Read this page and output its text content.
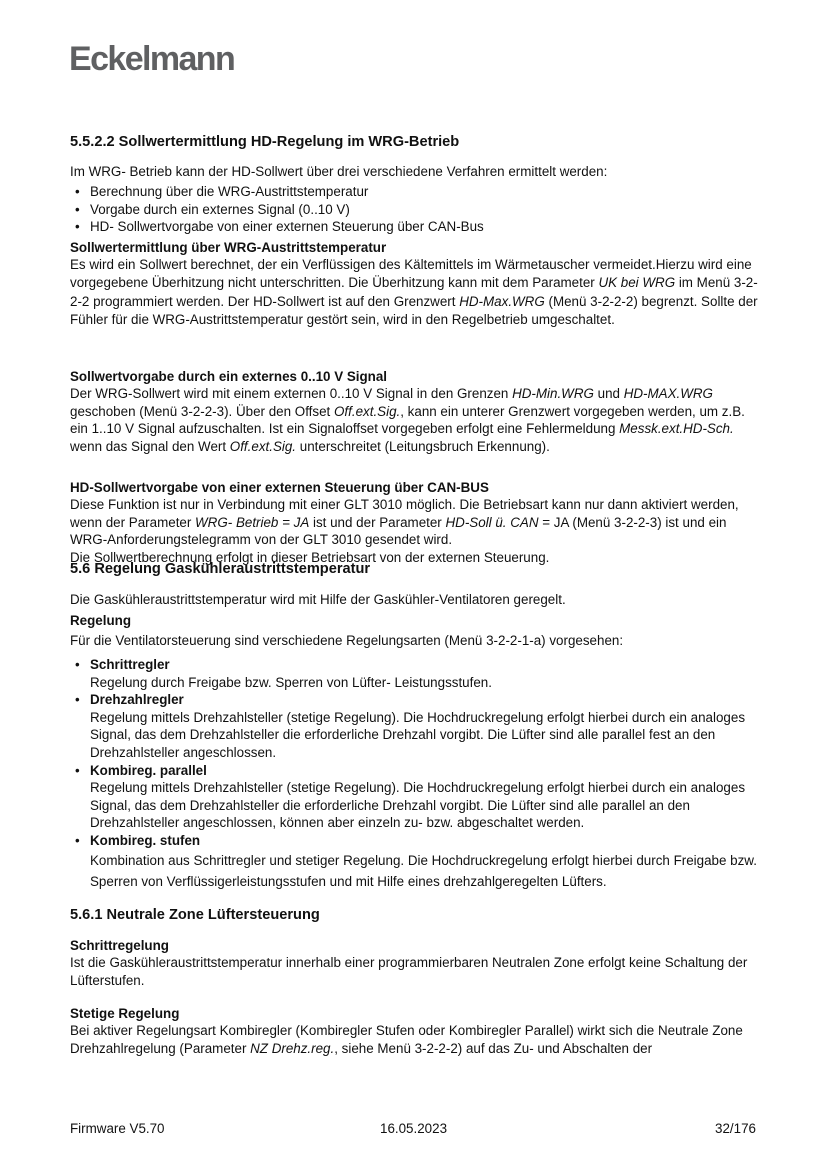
Eckelmann
5.5.2.2 Sollwertermittlung HD-Regelung im WRG-Betrieb
Im WRG- Betrieb kann der HD-Sollwert über drei verschiedene Verfahren ermittelt werden:
• Berechnung über die WRG-Austrittstemperatur
• Vorgabe durch ein externes Signal (0..10 V)
• HD- Sollwertvorgabe von einer externen Steuerung über CAN-Bus
Sollwertermittlung über WRG-Austrittstemperatur
Es wird ein Sollwert berechnet, der ein Verflüssigen des Kältemittels im Wärmetauscher vermeidet.Hierzu wird eine vorgegebene Überhitzung nicht unterschritten. Die Überhitzung kann mit dem Parameter UK bei WRG im Menü 3-2-2-2 programmiert werden. Der HD-Sollwert ist auf den Grenzwert HD-Max.WRG (Menü 3-2-2-2) begrenzt. Sollte der Fühler für die WRG-Austrittstemperatur gestört sein, wird in den Regelbetrieb umgeschaltet.
Sollwertvorgabe durch ein externes 0..10 V Signal
Der WRG-Sollwert wird mit einem externen 0..10 V Signal in den Grenzen HD-Min.WRG und HD-MAX.WRG geschoben (Menü 3-2-2-3). Über den Offset Off.ext.Sig., kann ein unterer Grenzwert vorgegeben werden, um z.B. ein 1..10 V Signal aufzuschalten. Ist ein Signaloffset vorgegeben erfolgt eine Fehlermeldung Messk.ext.HD-Sch. wenn das Signal den Wert Off.ext.Sig. unterschreitet (Leitungsbruch Erkennung).
HD-Sollwertvorgabe von einer externen Steuerung über CAN-BUS
Diese Funktion ist nur in Verbindung mit einer GLT 3010 möglich. Die Betriebsart kann nur dann aktiviert werden, wenn der Parameter WRG- Betrieb = JA ist und der Parameter HD-Soll ü. CAN = JA (Menü 3-2-2-3) ist und ein WRG-Anforderungstelegramm von der GLT 3010 gesendet wird.
Die Sollwertberechnung erfolgt in dieser Betriebsart von der externen Steuerung.
5.6 Regelung Gaskühleraustrittstemperatur
Die Gaskühleraustrittstemperatur wird mit Hilfe der Gaskühler-Ventilatoren geregelt.
Regelung
Für die Ventilatorsteuerung sind verschiedene Regelungsarten (Menü 3-2-2-1-a) vorgesehen:
• Schrittregler
Regelung durch Freigabe bzw. Sperren von Lüfter- Leistungsstufen.
• Drehzahlregler
Regelung mittels Drehzahlsteller (stetige Regelung). Die Hochdruckregelung erfolgt hierbei durch ein analoges Signal, das dem Drehzahlsteller die erforderliche Drehzahl vorgibt. Die Lüfter sind alle parallel fest an den Drehzahlsteller angeschlossen.
• Kombireg. parallel
Regelung mittels Drehzahlsteller (stetige Regelung). Die Hochdruckregelung erfolgt hierbei durch ein analoges Signal, das dem Drehzahlsteller die erforderliche Drehzahl vorgibt. Die Lüfter sind alle parallel an den Drehzahlsteller angeschlossen, können aber einzeln zu- bzw. abgeschaltet werden.
• Kombireg. stufen
Kombination aus Schrittregler und stetiger Regelung. Die Hochdruckregelung erfolgt hierbei durch Freigabe bzw. Sperren von Verflüssigerleistungsstufen und mit Hilfe eines drehzahlgeregelten Lüfters.
5.6.1 Neutrale Zone Lüftersteuerung
Schrittregelung
Ist die Gaskühleraustrittstemperatur innerhalb einer programmierbaren Neutralen Zone erfolgt keine Schaltung der Lüfterstufen.
Stetige Regelung
Bei aktiver Regelungsart Kombiregler (Kombiregler Stufen oder Kombiregler Parallel) wirkt sich die Neutrale Zone Drehzahlregelung (Parameter NZ Drehz.reg., siehe Menü 3-2-2-2) auf das Zu- und Abschalten der
Firmware V5.70	16.05.2023	32/176
